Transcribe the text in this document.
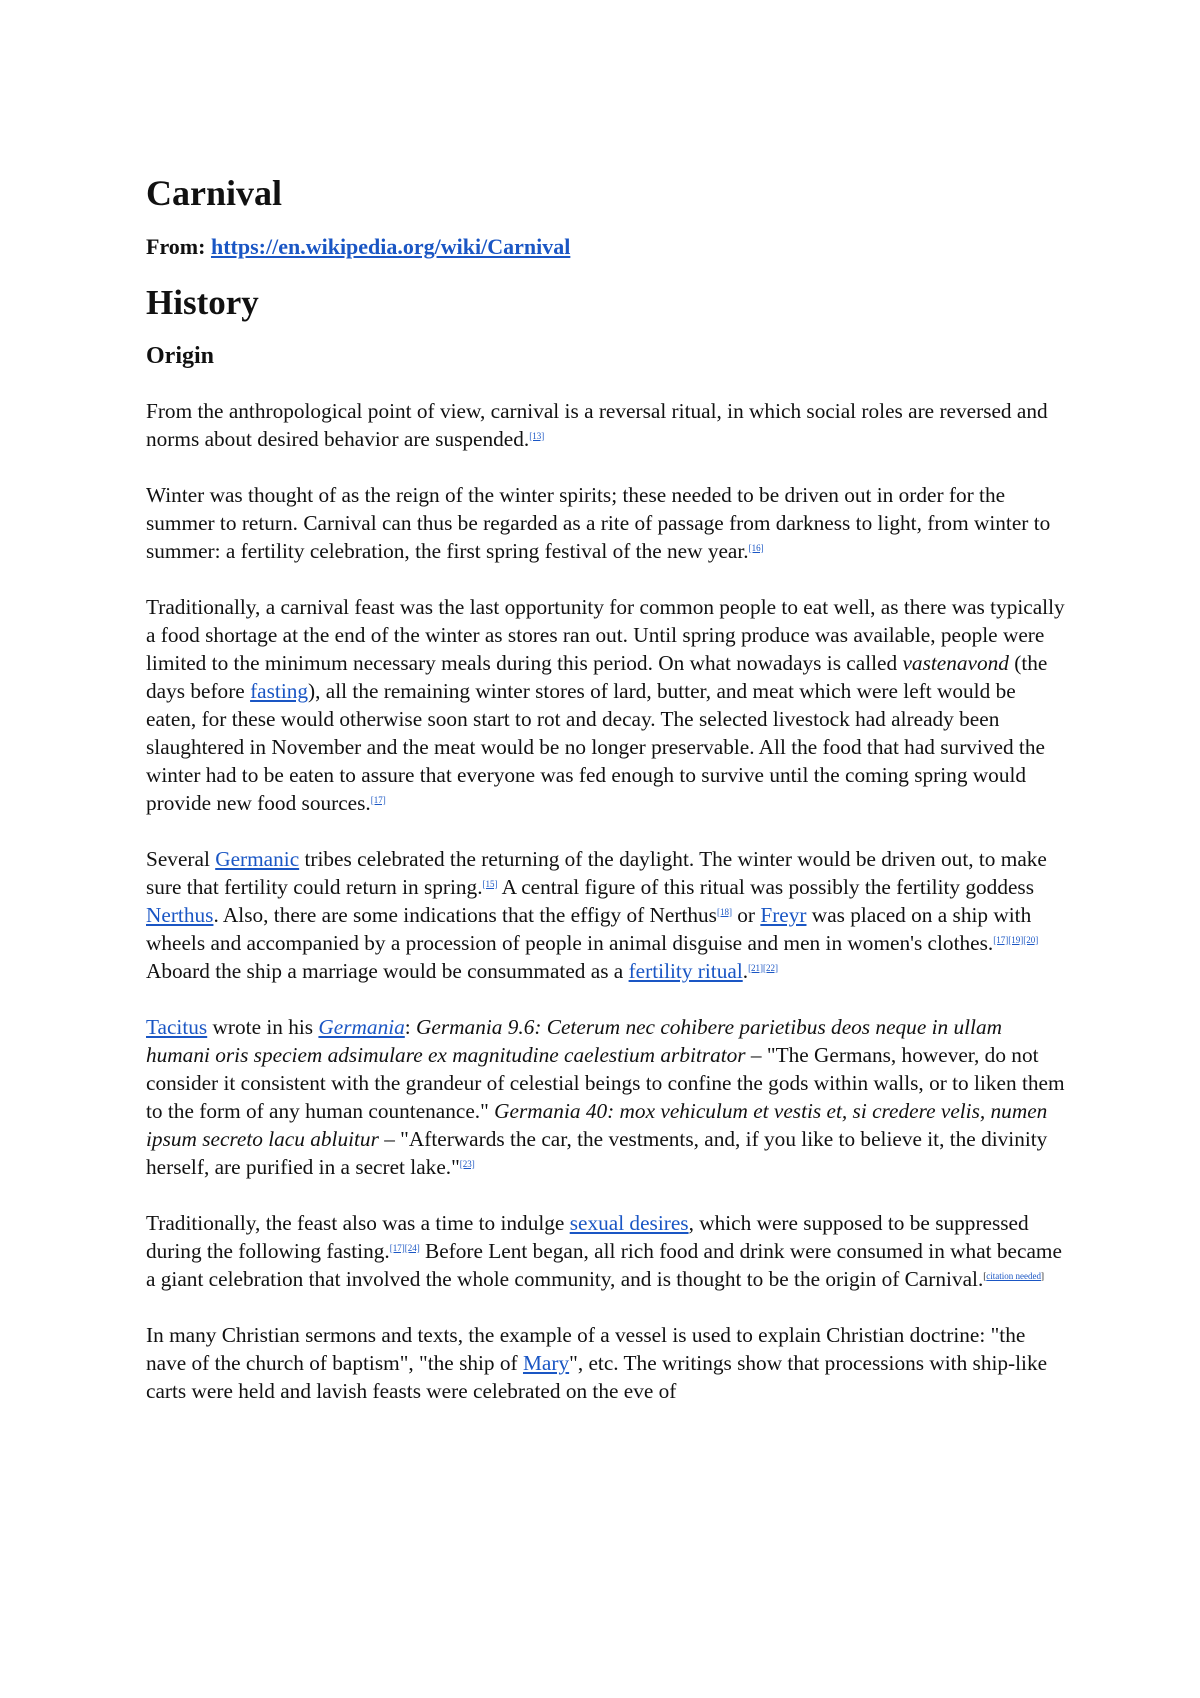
Carnival
From: https://en.wikipedia.org/wiki/Carnival
History
Origin

From the anthropological point of view, carnival is a reversal ritual, in which social roles are reversed and norms about desired behavior are suspended.[13]

Winter was thought of as the reign of the winter spirits; these needed to be driven out in order for the summer to return. Carnival can thus be regarded as a rite of passage from darkness to light, from winter to summer: a fertility celebration, the first spring festival of the new year.[16]

Traditionally, a carnival feast was the last opportunity for common people to eat well, as there was typically a food shortage at the end of the winter as stores ran out. Until spring produce was available, people were limited to the minimum necessary meals during this period. On what nowadays is called vastenavond (the days before fasting), all the remaining winter stores of lard, butter, and meat which were left would be eaten, for these would otherwise soon start to rot and decay. The selected livestock had already been slaughtered in November and the meat would be no longer preservable. All the food that had survived the winter had to be eaten to assure that everyone was fed enough to survive until the coming spring would provide new food sources.[17]

Several Germanic tribes celebrated the returning of the daylight. The winter would be driven out, to make sure that fertility could return in spring.[15] A central figure of this ritual was possibly the fertility goddess Nerthus. Also, there are some indications that the effigy of Nerthus[18] or Freyr was placed on a ship with wheels and accompanied by a procession of people in animal disguise and men in women's clothes.[17][19][20] Aboard the ship a marriage would be consummated as a fertility ritual.[21][22]

Tacitus wrote in his Germania: Germania 9.6: Ceterum nec cohibere parietibus deos neque in ullam humani oris speciem adsimulare ex magnitudine caelestium arbitrator – "The Germans, however, do not consider it consistent with the grandeur of celestial beings to confine the gods within walls, or to liken them to the form of any human countenance." Germania 40: mox vehiculum et vestis et, si credere velis, numen ipsum secreto lacu abluitur – "Afterwards the car, the vestments, and, if you like to believe it, the divinity herself, are purified in a secret lake."[23]

Traditionally, the feast also was a time to indulge sexual desires, which were supposed to be suppressed during the following fasting.[17][24] Before Lent began, all rich food and drink were consumed in what became a giant celebration that involved the whole community, and is thought to be the origin of Carnival.[citation needed]

In many Christian sermons and texts, the example of a vessel is used to explain Christian doctrine: "the nave of the church of baptism", "the ship of Mary", etc. The writings show that processions with ship-like carts were held and lavish feasts were celebrated on the eve of
